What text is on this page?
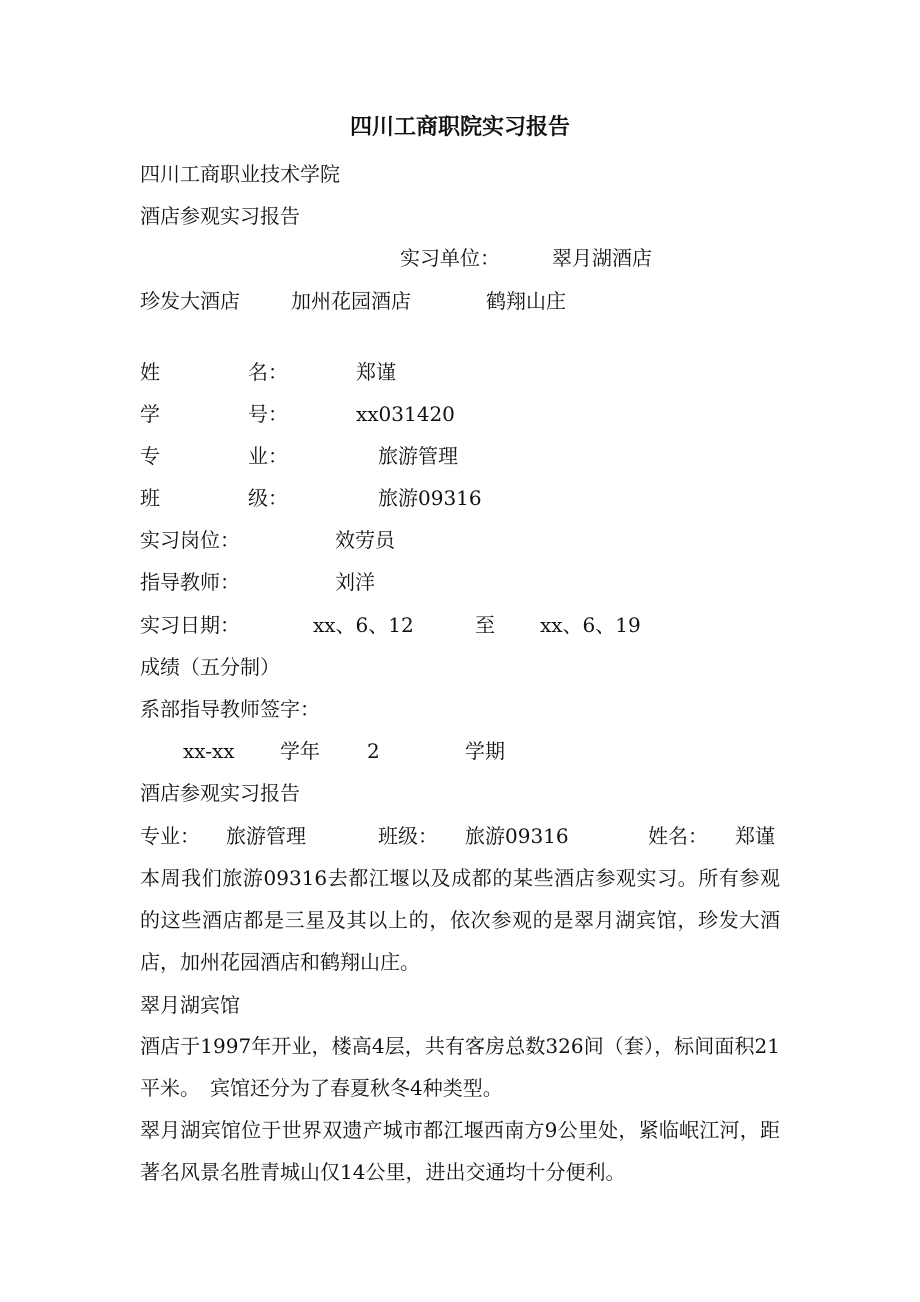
四川工商职院实习报告
四川工商职业技术学院
酒店参观实习报告
实习单位：	翠月湖酒店
珍发大酒店	加州花园酒店	鹤翔山庄
姓	名：	郑谨
学	号：	xx031420
专	业：	旅游管理
班	级：	旅游09316
实习岗位：	效劳员
指导教师：	刘洋
实习日期：	xx、6、12	至 xx、6、19
成绩（五分制）
系部指导教师签字：
xx-xx 学年 2	学期
酒店参观实习报告
专业： 旅游管理	班级： 旅游09316	姓名： 郑谨
本周我们旅游09316去都江堰以及成都的某些酒店参观实习。所有参观的这些酒店都是三星及其以上的，依次参观的是翠月湖宾馆，珍发大酒店，加州花园酒店和鹤翔山庄。
翠月湖宾馆
酒店于1997年开业，楼高4层，共有客房总数326间（套），标间面积21平米。　宾馆还分为了春夏秋冬4种类型。
翠月湖宾馆位于世界双遗产城市都江堰西南方9公里处，紧临岷江河，距著名风景名胜青城山仅14公里，进出交通均十分便利。
